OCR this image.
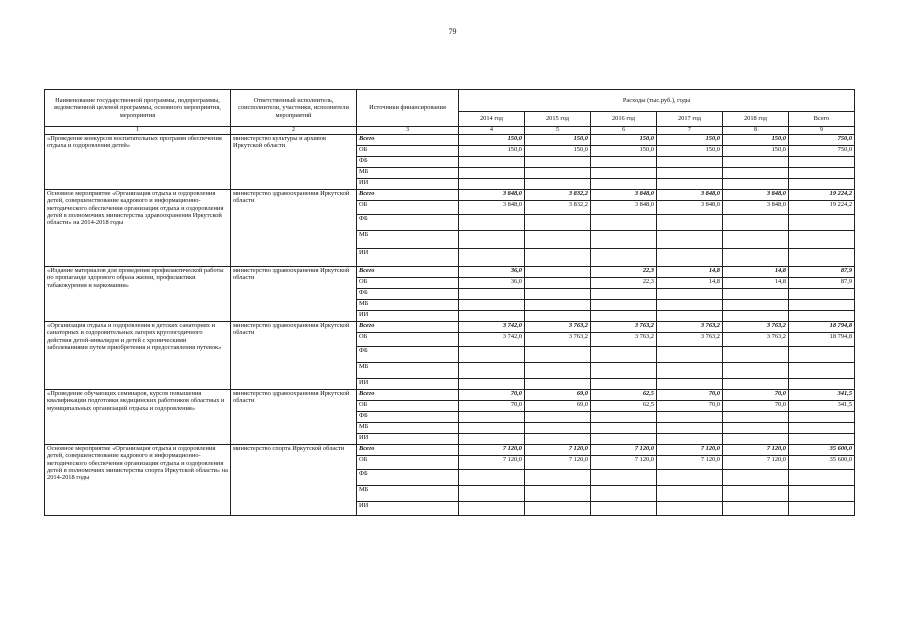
79
Наименование государственной программы, подпрограммы, ведомственной целевой программы, основного мероприятия, мероприятия	Ответственный исполнитель, соисполнители, участники, исполнители мероприятий	Источники финансирования	Расходы (тыс.руб.), годы					
			2014 год	2015 год	2016 год	2017 год	2018 год	Всего
1	2	3	4	5	6	7	8	9
«Проведение конкурсов воспитательных программ обеспечения отдыха и оздоровления детей»	министерство культуры и архивов Иркутской области	Всего	150,0	150,0	150,0	150,0	150,0	750,0
		ОБ	150,0	150,0	150,0	150,0	150,0	750,0
		ФБ						
		МБ						
		ИИ						
Основное мероприятие «Организация отдыха и оздоровления детей, совершенствование кадрового и информационно-методического обеспечения организации отдыха и оздоровления детей в полномочиях министерства здравоохранения Иркутской области» на 2014-2018 годы	министерство здравоохранения Иркутской области	Всего	3 848,0	3 832,2	3 848,0	3 848,0	3 848,0	19 224,2
		ОБ	3 848,0	3 832,2	3 848,0	3 848,0	3 848,0	19 224,2
		ФБ						
		МБ						
		ИИ						
«Издание материалов для проведения профилактической работы по пропаганде здорового образа жизни, профилактики табакокурения и наркомании»	министерство здравоохранения Иркутской области	Всего	36,0		22,3	14,8	14,8	87,9
		ОБ	36,0		22,3	14,8	14,8	87,9
		ФБ						
		МБ						
		ИИ						
«Организация отдыха и оздоровления в детских санаториях и санаторных и оздоровительных лагерях круглогодичного действия детей-инвалидов и детей с хроническими заболеваниями путем приобретения и предоставления путевок»	министерство здравоохранения Иркутской области	Всего	3 742,0	3 763,2	3 763,2	3 763,2	3 763,2	18 794,8
		ОБ	3 742,0	3 763,2	3 763,2	3 763,2	3 763,2	18 794,8
		ФБ						
		МБ						
		ИИ						
«Проведение обучающих семинаров, курсов повышения квалификации подготовки медицинских работников областных и муниципальных организаций отдыха и оздоровления»	министерство здравоохранения Иркутской области	Всего	70,0	69,0	62,5	70,0	70,0	341,5
		ОБ	70,0	69,0	62,5	70,0	70,0	341,5
		ФБ						
		МБ						
		ИИ						
Основное мероприятие «Организация отдыха и оздоровления детей, совершенствование кадрового и информационно-методического обеспечения организации отдыха и оздоровления детей в полномочиях министерства спорта Иркутской области» на 2014-2018 годы	министерство спорта Иркутской области	Всего	7 120,0	7 120,0	7 120,0	7 120,0	7 120,0	35 600,0
		ОБ	7 120,0	7 120,0	7 120,0	7 120,0	7 120,0	35 600,0
		ФБ						
		МБ						
		ИИ						
